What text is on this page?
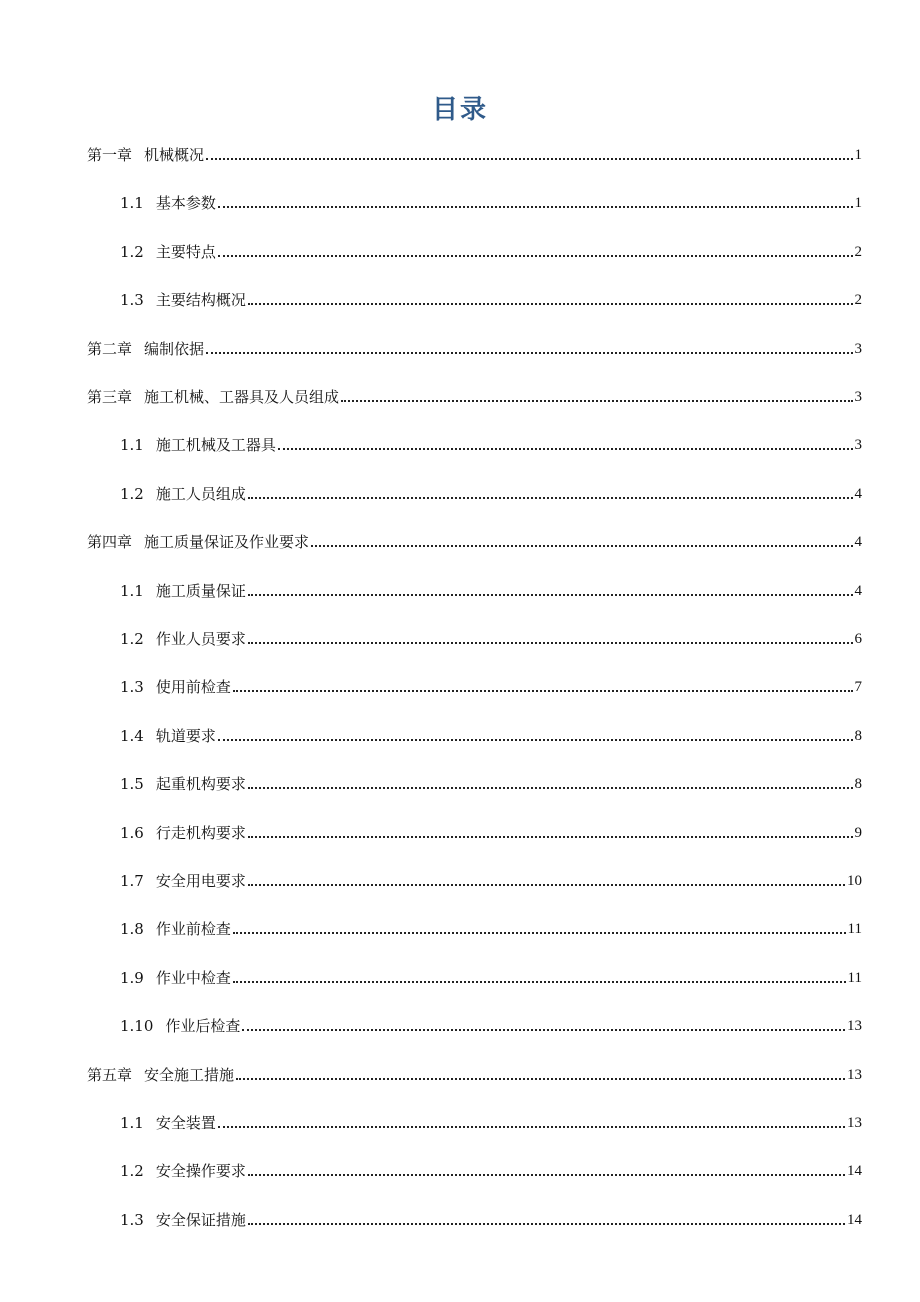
目录
第一章 机械概况	1
1.1 基本参数	1
1.2 主要特点	2
1.3 主要结构概况	2
第二章 编制依据	3
第三章 施工机械、工器具及人员组成	3
1.1 施工机械及工器具	3
1.2 施工人员组成	4
第四章 施工质量保证及作业要求	4
1.1 施工质量保证	4
1.2 作业人员要求	6
1.3 使用前检查	7
1.4 轨道要求	8
1.5 起重机构要求	8
1.6 行走机构要求	9
1.7 安全用电要求	10
1.8 作业前检查	11
1.9 作业中检查	11
1.10 作业后检查	13
第五章 安全施工措施	13
1.1 安全装置	13
1.2 安全操作要求	14
1.3 安全保证措施	14
